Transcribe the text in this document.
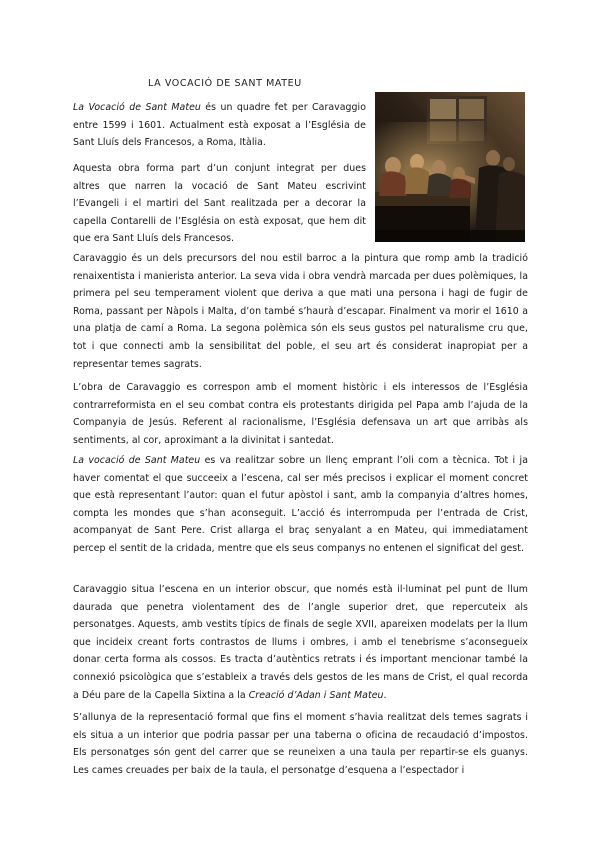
LA VOCACIÓ DE SANT MATEU

La Vocació de Sant Mateu és un quadre fet per Caravaggio entre 1599 i 1601. Actualment està exposat a l’Església de Sant Lluís dels Francesos, a Roma, Itàlia.

Aquesta obra forma part d’un conjunt integrat per dues altres que narren la vocació de Sant Mateu escrivint l’Evangeli i el martiri del Sant realitzada per a decorar la capella Contarelli de l’Església on està exposat, que hem dit que era Sant Lluís dels Francesos.

Caravaggio és un dels precursors del nou estil barroc a la pintura que romp amb la tradició renaixentista i manierista anterior. La seva vida i obra vendrà marcada per dues polèmiques, la primera pel seu temperament violent que deriva a que mati una persona i hagi de fugir de Roma, passant per Nàpols i Malta, d’on també s’haurà d’escapar. Finalment va morir el 1610 a una platja de camí a Roma. La segona polèmica són els seus gustos pel naturalisme cru que, tot i que connecti amb la sensibilitat del poble, el seu art és considerat inapropiat per a representar temes sagrats.

L’obra de Caravaggio es correspon amb el moment històric i els interessos de l’Església contrarreformista en el seu combat contra els protestants dirigida pel Papa amb l’ajuda de la Companyia de Jesús. Referent al racionalisme, l’Església defensava un art que arribàs als sentiments, al cor, aproximant a la divinitat i santedat.

La vocació de Sant Mateu es va realitzar sobre un llenç emprant l’oli com a tècnica. Tot i ja haver comentat el que succeeix a l’escena, cal ser més precisos i explicar el moment concret que està representant l’autor: quan el futur apòstol i sant, amb la companyia d’altres homes, compta les mondes que s’han aconseguit. L’acció és interrompuda per l’entrada de Crist, acompanyat de Sant Pere. Crist allarga el braç senyalant a en Mateu, qui immediatament percep el sentit de la cridada, mentre que els seus companys no entenen el significat del gest.

Caravaggio situa l’escena en un interior obscur, que només està il·luminat pel punt de llum daurada que penetra violentament des de l’angle superior dret, que repercuteix als personatges. Aquests, amb vestits típics de finals de segle XVII, apareixen modelats per la llum que incideix creant forts contrastos de llums i ombres, i amb el tenebrisme s’aconsegueix donar certa forma als cossos. Es tracta d’autèntics retrats i és important mencionar també la connexió psicològica que s’estableix a través dels gestos de les mans de Crist, el qual recorda a Déu pare de la Capella Sixtina a la Creació d’Adan i Sant Mateu.

S’allunya de la representació formal que fins el moment s’havia realitzat dels temes sagrats i els situa a un interior que podria passar per una taberna o oficina de recaudació d’impostos. Els personatges són gent del carrer que se reuneixen a una taula per repartir-se els guanys. Les cames creuades per baix de la taula, el personatge d’esquena a l’espectador i
